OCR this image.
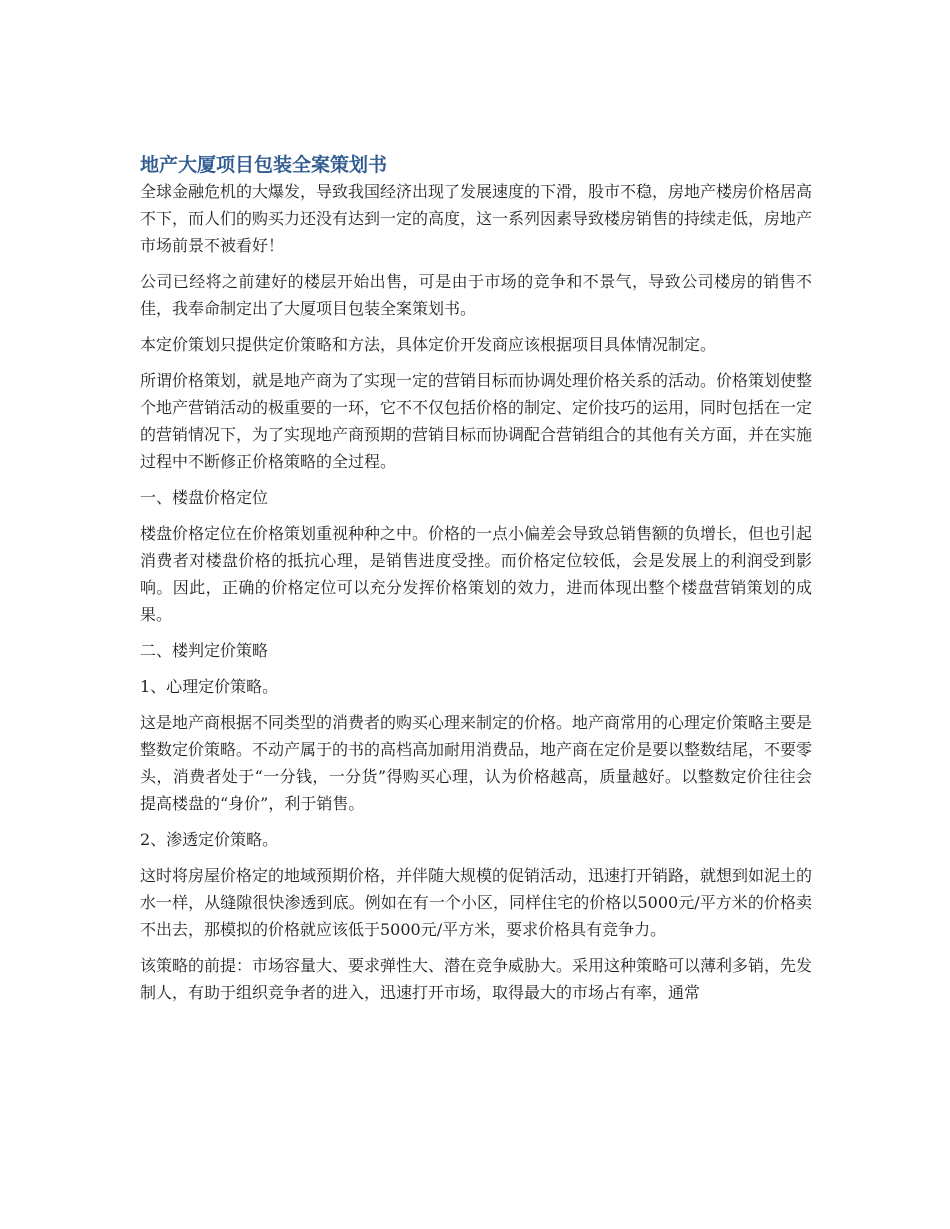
地产大厦项目包装全案策划书

全球金融危机的大爆发，导致我国经济出现了发展速度的下滑，股市不稳，房地产楼房价格居高不下，而人们的购买力还没有达到一定的高度，这一系列因素导致楼房销售的持续走低，房地产市场前景不被看好！

公司已经将之前建好的楼层开始出售，可是由于市场的竞争和不景气，导致公司楼房的销售不佳，我奉命制定出了大厦项目包装全案策划书。

本定价策划只提供定价策略和方法，具体定价开发商应该根据项目具体情况制定。

所谓价格策划，就是地产商为了实现一定的营销目标而协调处理价格关系的活动。价格策划使整个地产营销活动的极重要的一环，它不不仅包括价格的制定、定价技巧的运用，同时包括在一定的营销情况下，为了实现地产商预期的营销目标而协调配合营销组合的其他有关方面，并在实施过程中不断修正价格策略的全过程。

一、楼盘价格定位

楼盘价格定位在价格策划重视种种之中。价格的一点小偏差会导致总销售额的负增长，但也引起消费者对楼盘价格的抵抗心理，是销售进度受挫。而价格定位较低，会是发展上的利润受到影响。因此，正确的价格定位可以充分发挥价格策划的效力，进而体现出整个楼盘营销策划的成果。

二、楼判定价策略

1、心理定价策略。

这是地产商根据不同类型的消费者的购买心理来制定的价格。地产商常用的心理定价策略主要是整数定价策略。不动产属于的书的高档高加耐用消费品，地产商在定价是要以整数结尾，不要零头，消费者处于“一分钱，一分货”得购买心理，认为价格越高，质量越好。以整数定价往往会提高楼盘的“身价”，利于销售。

2、渗透定价策略。

这时将房屋价格定的地域预期价格，并伴随大规模的促销活动，迅速打开销路，就想到如泥土的水一样，从缝隙很快渗透到底。例如在有一个小区，同样住宅的价格以5000元/平方米的价格卖不出去，那模拟的价格就应该低于5000元/平方米，要求价格具有竞争力。

该策略的前提：市场容量大、要求弹性大、潜在竞争威胁大。采用这种策略可以薄利多销，先发制人，有助于组织竞争者的进入，迅速打开市场，取得最大的市场占有率，通常
